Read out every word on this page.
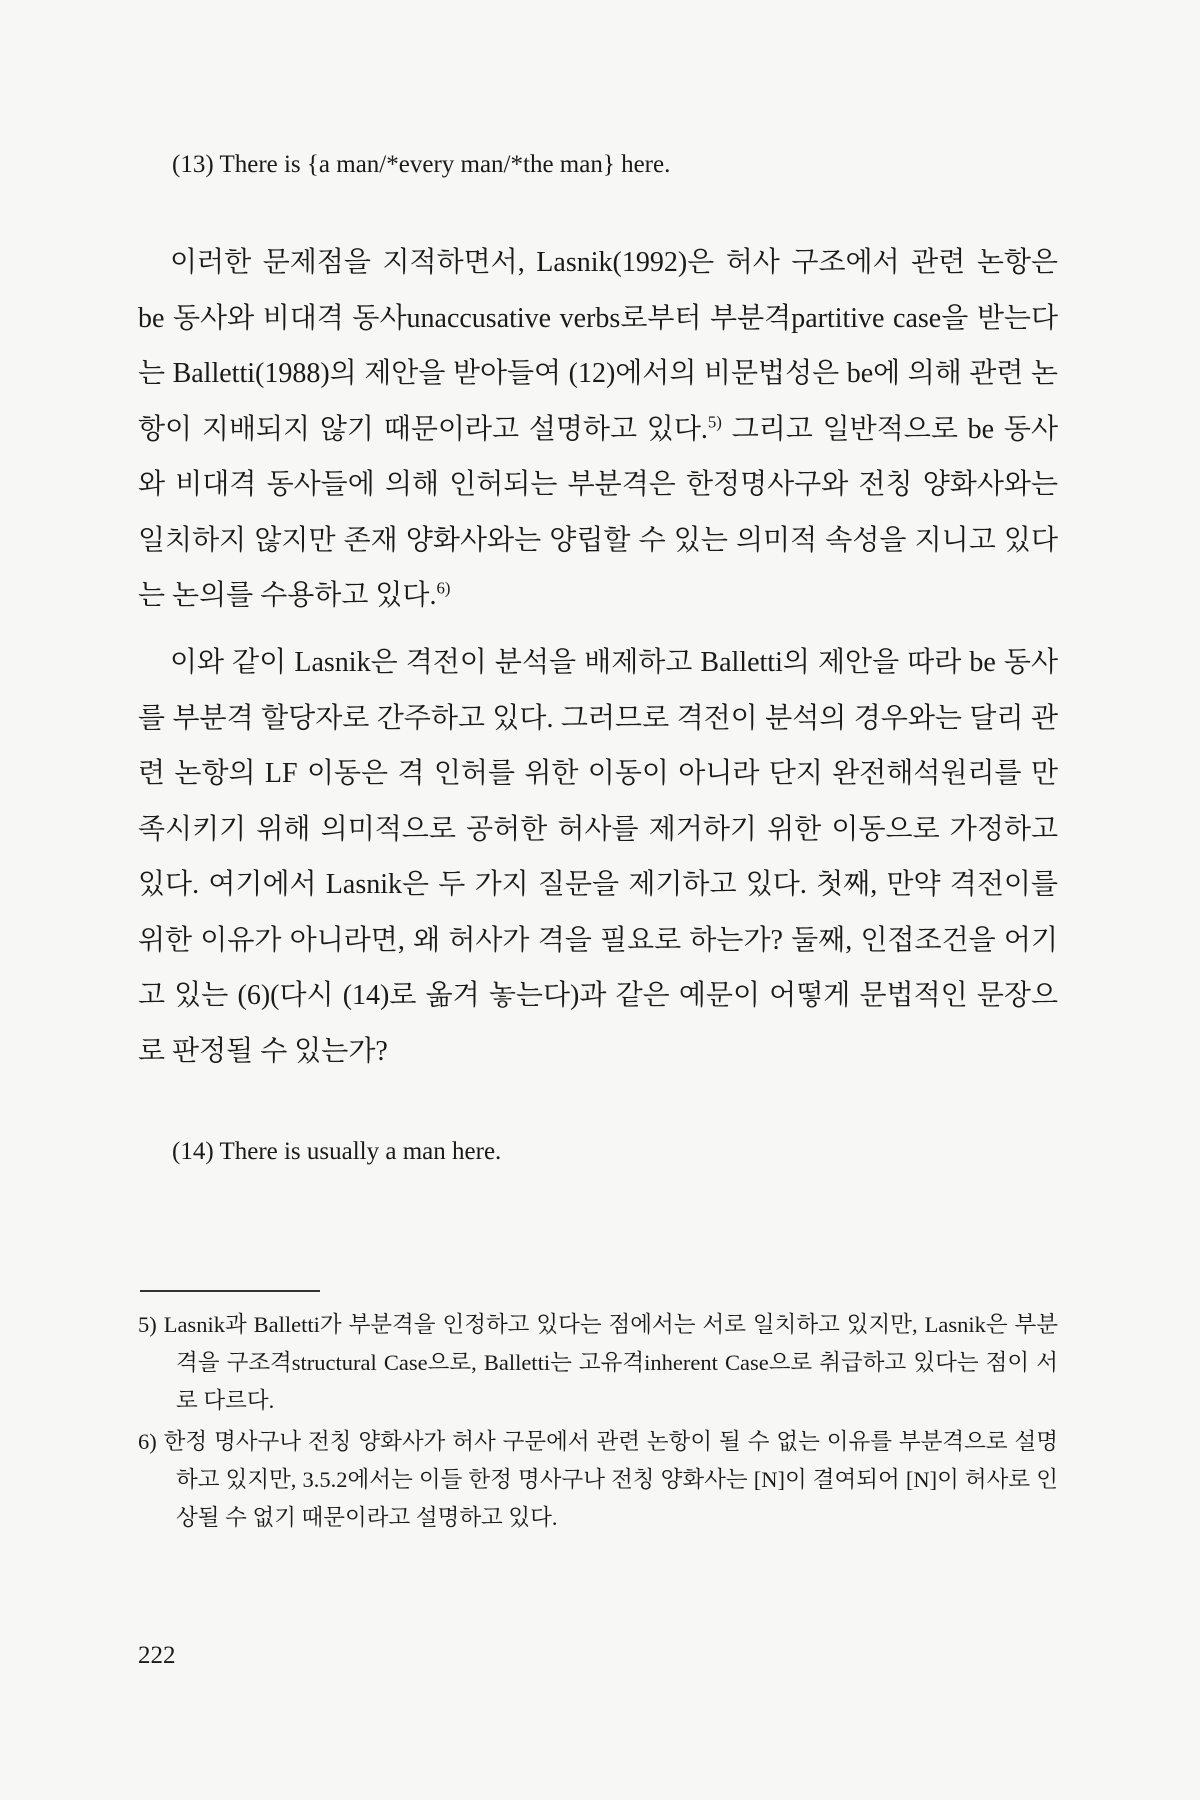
(13) There is {a man/*every man/*the man} here.

이러한 문제점을 지적하면서, Lasnik(1992)은 허사 구조에서 관련 논항은 be 동사와 비대격 동사unaccusative verbs로부터 부분격partitive case을 받는다는 Balletti(1988)의 제안을 받아들여 (12)에서의 비문법성은 be에 의해 관련 논항이 지배되지 않기 때문이라고 설명하고 있다.$^{5)}$ 그리고 일반적으로 be 동사와 비대격 동사들에 의해 인허되는 부분격은 한정명사구와 전칭 양화사와는 일치하지 않지만 존재 양화사와는 양립할 수 있는 의미적 속성을 지니고 있다는 논의를 수용하고 있다.$^{6)}$

이와 같이 Lasnik은 격전이 분석을 배제하고 Balletti의 제안을 따라 be 동사를 부분격 할당자로 간주하고 있다. 그러므로 격전이 분석의 경우와는 달리 관련 논항의 LF 이동은 격 인허를 위한 이동이 아니라 단지 완전해석원리를 만족시키기 위해 의미적으로 공허한 허사를 제거하기 위한 이동으로 가정하고 있다. 여기에서 Lasnik은 두 가지 질문을 제기하고 있다. 첫째, 만약 격전이를 위한 이유가 아니라면, 왜 허사가 격을 필요로 하는가? 둘째, 인접조건을 어기고 있는 (6)(다시 (14)로 옮겨 놓는다)과 같은 예문이 어떻게 문법적인 문장으로 판정될 수 있는가?

(14) There is usually a man here.

5) Lasnik과 Balletti가 부분격을 인정하고 있다는 점에서는 서로 일치하고 있지만, Lasnik은 부분격을 구조격structural Case으로, Balletti는 고유격inherent Case으로 취급하고 있다는 점이 서로 다르다.

6) 한정 명사구나 전칭 양화사가 허사 구문에서 관련 논항이 될 수 없는 이유를 부분격으로 설명하고 있지만, 3.5.2에서는 이들 한정 명사구나 전칭 양화사는 [N]이 결여되어 [N]이 허사로 인상될 수 없기 때문이라고 설명하고 있다.

222
